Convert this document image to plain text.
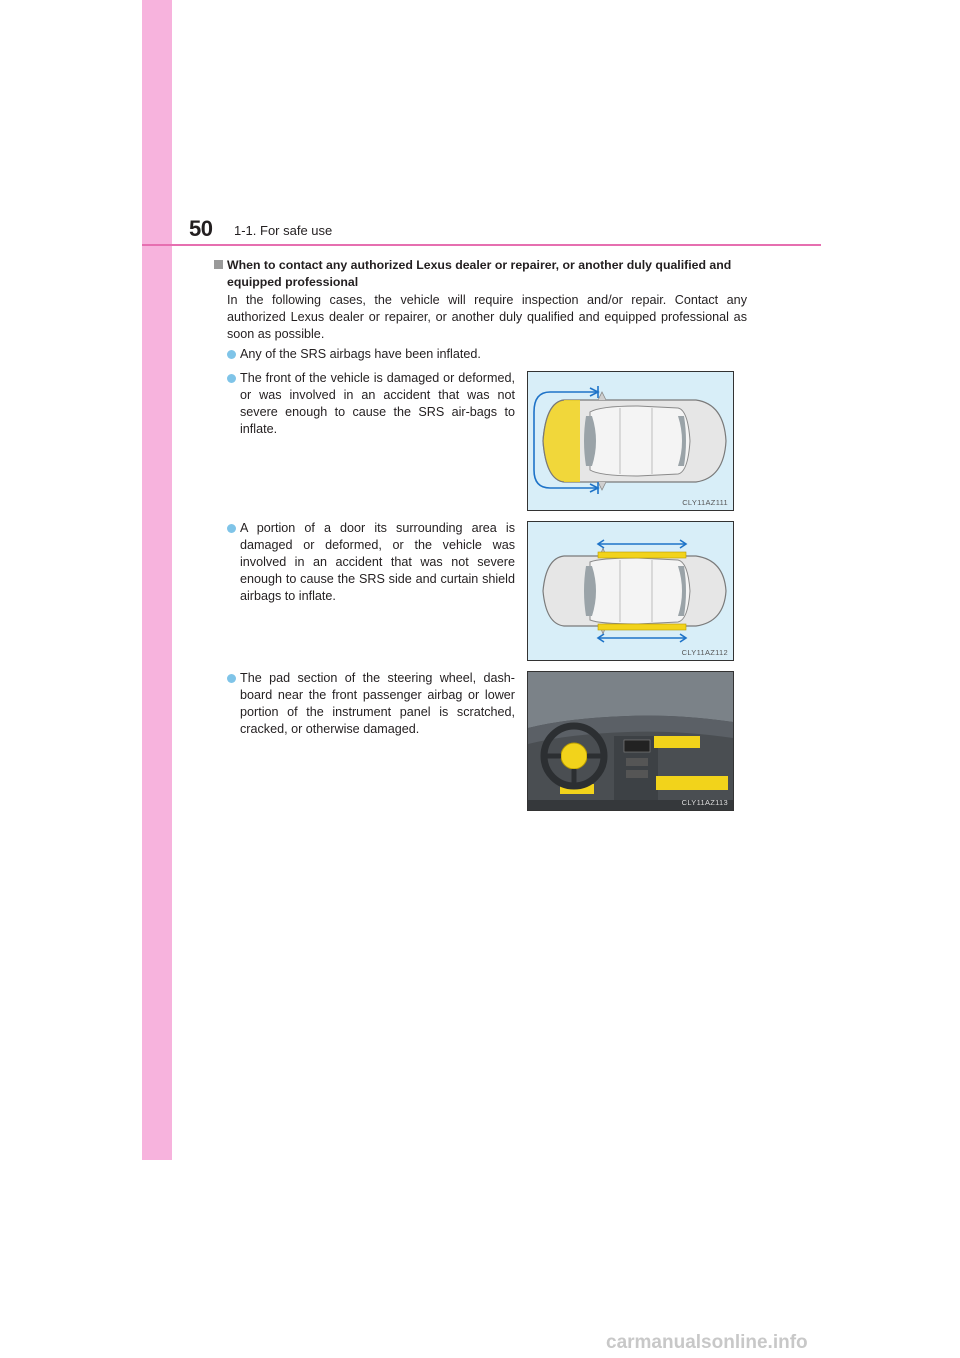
50 1-1. For safe use
When to contact any authorized Lexus dealer or repairer, or another duly qualified and equipped professional
In the following cases, the vehicle will require inspection and/or repair. Contact any authorized Lexus dealer or repairer, or another duly qualified and equipped professional as soon as possible.
Any of the SRS airbags have been inflated.
The front of the vehicle is damaged or deformed, or was involved in an accident that was not severe enough to cause the SRS air-bags to inflate.
A portion of a door its surrounding area is damaged or deformed, or the vehicle was involved in an accident that was not severe enough to cause the SRS side and curtain shield airbags to inflate.
The pad section of the steering wheel, dash-board near the front passenger airbag or lower portion of the instrument panel is scratched, cracked, or otherwise damaged.
CLY11AZ111
CLY11AZ112
CLY11AZ113
carmanualsonline.info
